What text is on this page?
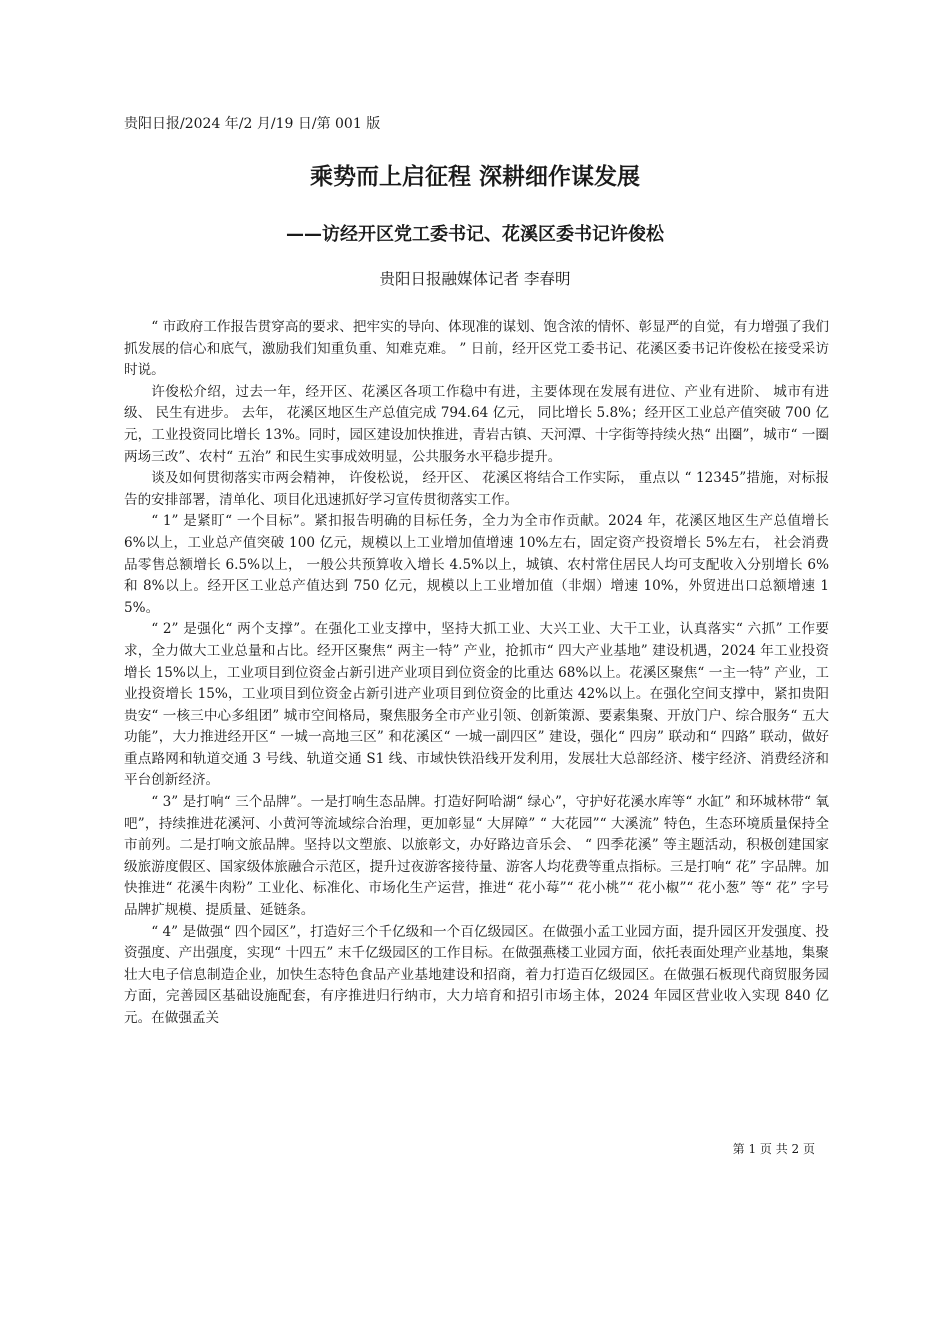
贵阳日报/2024 年/2 月/19 日/第 001 版
乘势而上启征程 深耕细作谋发展
——访经开区党工委书记、花溪区委书记许俊松
贵阳日报融媒体记者 李春明

“ 市政府工作报告贯穿高的要求、把牢实的导向、体现准的谋划、饱含浓的情怀、彰显严的自觉，有力增强了我们抓发展的信心和底气，激励我们知重负重、知难克难。 ” 日前，经开区党工委书记、花溪区委书记许俊松在接受采访时说。

许俊松介绍，过去一年，经开区、花溪区各项工作稳中有进，主要体现在发展有进位、产业有进阶、 城市有进级、 民生有进步。 去年， 花溪区地区生产总值完成 794.64 亿元， 同比增长 5.8%；经开区工业总产值突破 700 亿元，工业投资同比增长 13%。同时，园区建设加快推进，青岩古镇、天河潭、十字街等持续火热“ 出圈”，城市“ 一圈两场三改”、农村“ 五治” 和民生实事成效明显，公共服务水平稳步提升。

谈及如何贯彻落实市两会精神， 许俊松说， 经开区、 花溪区将结合工作实际， 重点以 “ 12345”措施，对标报告的安排部署，清单化、项目化迅速抓好学习宣传贯彻落实工作。

“ 1” 是紧盯“ 一个目标”。紧扣报告明确的目标任务，全力为全市作贡献。2024 年，花溪区地区生产总值增长 6%以上，工业总产值突破 100 亿元，规模以上工业增加值增速 10%左右，固定资产投资增长 5%左右， 社会消费品零售总额增长 6.5%以上， 一般公共预算收入增长 4.5%以上，城镇、农村常住居民人均可支配收入分别增长 6%和 8%以上。经开区工业总产值达到 750 亿元，规模以上工业增加值（非烟）增速 10%，外贸进出口总额增速 15%。

“ 2” 是强化“ 两个支撑”。在强化工业支撑中，坚持大抓工业、大兴工业、大干工业，认真落实“ 六抓” 工作要求，全力做大工业总量和占比。经开区聚焦“ 两主一特” 产业，抢抓市“ 四大产业基地” 建设机遇，2024 年工业投资增长 15%以上，工业项目到位资金占新引进产业项目到位资金的比重达 68%以上。花溪区聚焦“ 一主一特” 产业，工业投资增长 15%，工业项目到位资金占新引进产业项目到位资金的比重达 42%以上。在强化空间支撑中，紧扣贵阳贵安“ 一核三中心多组团” 城市空间格局，聚焦服务全市产业引领、创新策源、要素集聚、开放门户、综合服务“ 五大功能”，大力推进经开区“ 一城一高地三区” 和花溪区“ 一城一副四区” 建设，强化“ 四房” 联动和“ 四路” 联动，做好重点路网和轨道交通 3 号线、轨道交通 S1 线、市域快铁沿线开发利用，发展壮大总部经济、楼宇经济、消费经济和平台创新经济。

“ 3” 是打响“ 三个品牌”。一是打响生态品牌。打造好阿哈湖“ 绿心”，守护好花溪水库等“ 水缸” 和环城林带“ 氧吧”，持续推进花溪河、小黄河等流域综合治理，更加彰显“ 大屏障” “ 大花园”“ 大溪流” 特色，生态环境质量保持全市前列。二是打响文旅品牌。坚持以文塑旅、以旅彰文，办好路边音乐会、 “ 四季花溪” 等主题活动，积极创建国家级旅游度假区、国家级体旅融合示范区，提升过夜游客接待量、游客人均花费等重点指标。三是打响“ 花” 字品牌。加快推进“ 花溪牛肉粉” 工业化、标准化、市场化生产运营，推进“ 花小莓”“ 花小桃”“ 花小椒”“ 花小葱” 等“ 花” 字号品牌扩规模、提质量、延链条。

“ 4” 是做强“ 四个园区”，打造好三个千亿级和一个百亿级园区。在做强小孟工业园方面，提升园区开发强度、投资强度、产出强度，实现“ 十四五” 末千亿级园区的工作目标。在做强燕楼工业园方面，依托表面处理产业基地，集聚壮大电子信息制造企业，加快生态特色食品产业基地建设和招商，着力打造百亿级园区。在做强石板现代商贸服务园方面，完善园区基础设施配套，有序推进归行纳市，大力培育和招引市场主体，2024 年园区营业收入实现 840 亿元。在做强孟关

第 1 页 共 2 页
